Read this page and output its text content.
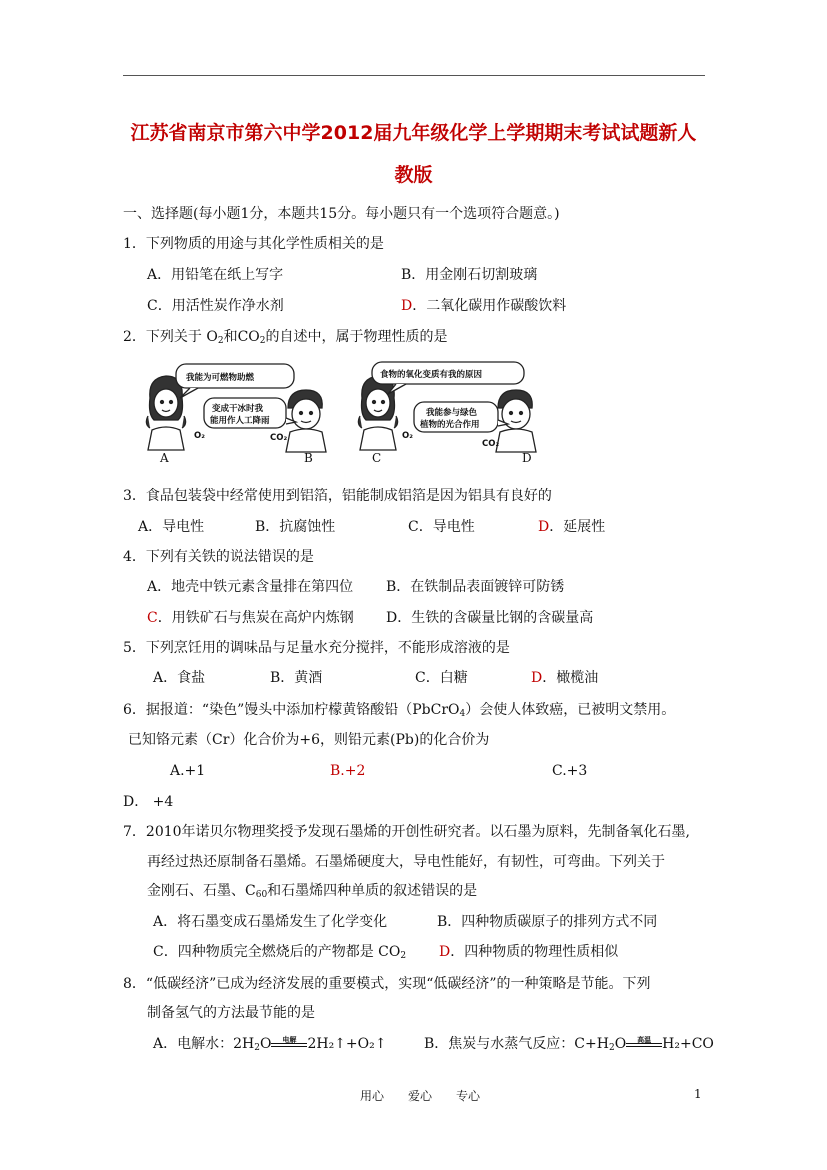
江苏省南京市第六中学2012届九年级化学上学期期末考试试题新人
教版
一、选择题(每小题1分，本题共15分。每小题只有一个选项符合题意。)
1．下列物质的用途与其化学性质相关的是
A．用铅笔在纸上写字	B．用金刚石切割玻璃
C．用活性炭作净水剂	D．二氧化碳用作碳酸饮料
2．下列关于 $O_2$和$CO_2$的自述中，属于物理性质的是
我能为可燃物助燃
变成干冰时我
能用作人工降雨
食物的氧化变质有我的原因
我能参与绿色
植物的光合作用
O₂	CO₂	O₂
CO₂
A	B	C	D
3．食品包装袋中经常使用到铝箔，铝能制成铝箔是因为铝具有良好的
A．导电性	B．抗腐蚀性	C．导电性	D．延展性
4．下列有关铁的说法错误的是
A．地壳中铁元素含量排在第四位 B．在铁制品表面镀锌可防锈
C．用铁矿石与焦炭在高炉内炼钢 D．生铁的含碳量比钢的含碳量高
5．下列烹饪用的调味品与足量水充分搅拌，不能形成溶液的是
A．食盐	B．黄酒	C．白糖	D．橄榄油
6．据报道：“染色”馒头中添加柠檬黄铬酸铅（PbCrO$_4$）会使人体致癌，已被明文禁用。
已知铬元素（Cr）化合价为+6，则铅元素(Pb)的化合价为
A.+1	B.+2	C.+3
D． +4
7．2010年诺贝尔物理奖授予发现石墨烯的开创性研究者。以石墨为原料，先制备氧化石墨,
再经过热还原制备石墨烯。石墨烯硬度大，导电性能好，有韧性，可弯曲。下列关于
金刚石、石墨、$C_{60}$和石墨烯四种单质的叙述错误的是
A．将石墨变成石墨烯发生了化学变化	B．四种物质碳原子的排列方式不同
C．四种物质完全燃烧后的产物都是 $CO_2$ D．四种物质的物理性质相似
8．“低碳经济”已成为经济发展的重要模式，实现“低碳经济”的一种策略是节能。下列
制备氢气的方法最节能的是
A．电解水：$2H_2O$	电解 2H₂↑+O₂↑	B．焦炭与水蒸气反应：$C+H_2O$	高温 H₂+CO
用心　　爱心　　专心	1
